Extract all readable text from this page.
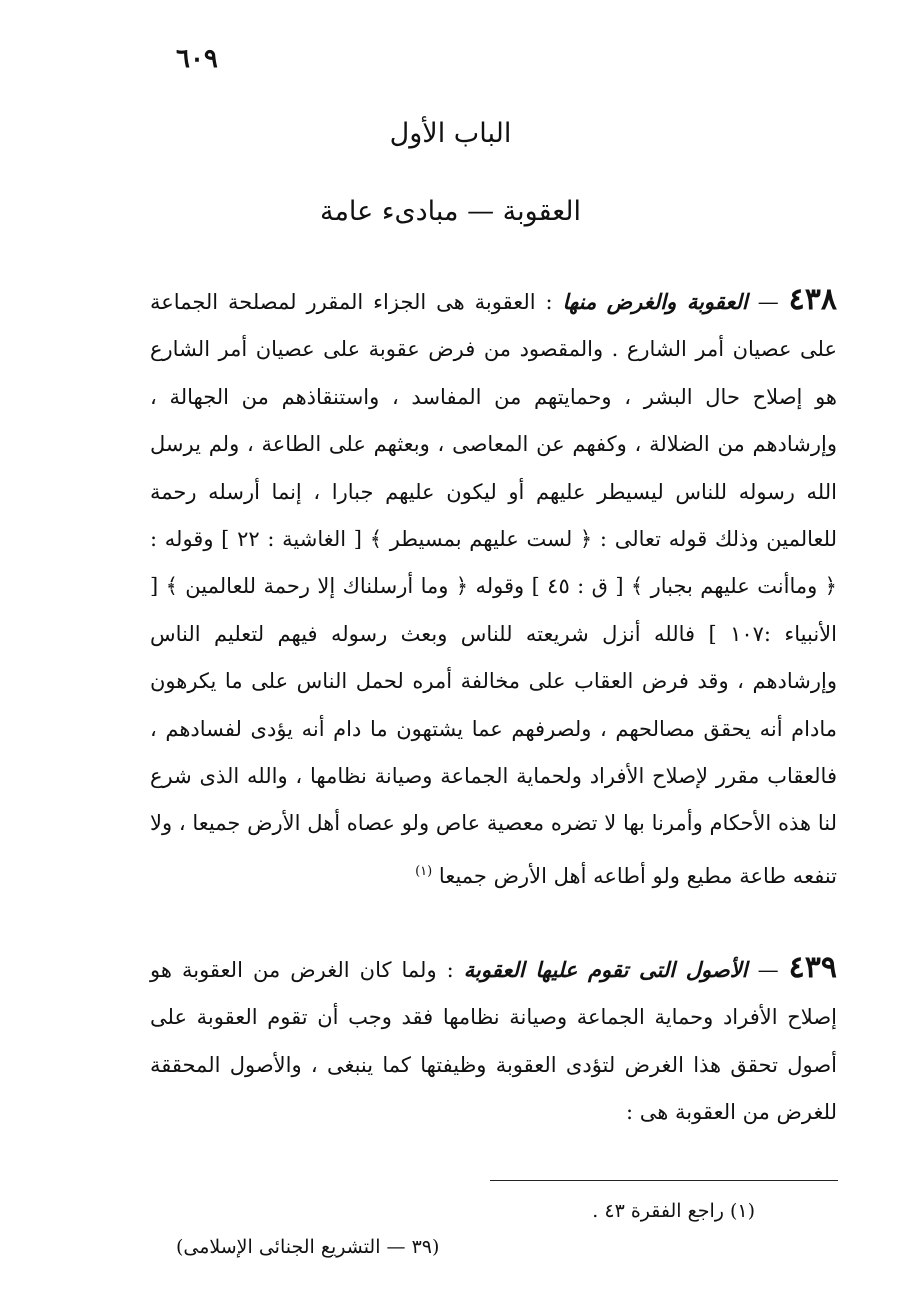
٦٠٩
الباب الأول
العقوبة — مبادىء عامة
٤٣٨ — العقوبة والغرض منها : العقوبة هى الجزاء المقرر لمصلحة الجماعة على عصيان أمر الشارع . والمقصود من فرض عقوبة على عصيان أمر الشارع هو إصلاح حال البشر ، وحمايتهم من المفاسد ، واستنقاذهم من الجهالة ، وإرشادهم من الضلالة ، وكفهم عن المعاصى ، وبعثهم على الطاعة ، ولم يرسل الله رسوله للناس ليسيطر عليهم أو ليكون عليهم جبارا ، إنما أرسله رحمة للعالمين وذلك قوله تعالى : ﴿ لست عليهم بمسيطر ﴾ [ الغاشية : ٢٢ ] وقوله : ﴿ وماأنت عليهم بجبار ﴾ [ ق : ٤٥ ] وقوله ﴿ وما أرسلناك إلا رحمة للعالمين ﴾ [ الأنبياء :١٠٧ ] فالله أنزل شريعته للناس وبعث رسوله فيهم لتعليم الناس وإرشادهم ، وقد فرض العقاب على مخالفة أمره لحمل الناس على ما يكرهون مادام أنه يحقق مصالحهم ، ولصرفهم عما يشتهون ما دام أنه يؤدى لفسادهم ، فالعقاب مقرر لإصلاح الأفراد ولحماية الجماعة وصيانة نظامها ، والله الذى شرع لنا هذه الأحكام وأمرنا بها لا تضره معصية عاص ولو عصاه أهل الأرض جميعا ، ولا تنفعه طاعة مطيع ولو أطاعه أهل الأرض جميعا $^{(١)}$
٤٣٩ — الأصول التى تقوم عليها العقوبة : ولما كان الغرض من العقوبة هو إصلاح الأفراد وحماية الجماعة وصيانة نظامها فقد وجب أن تقوم العقوبة على أصول تحقق هذا الغرض لتؤدى العقوبة وظيفتها كما ينبغى ، والأصول المحققة للغرض من العقوبة هى :
(١) راجع الفقرة ٤٣ .
(٣٩ — التشريع الجنائى الإسلامى)
